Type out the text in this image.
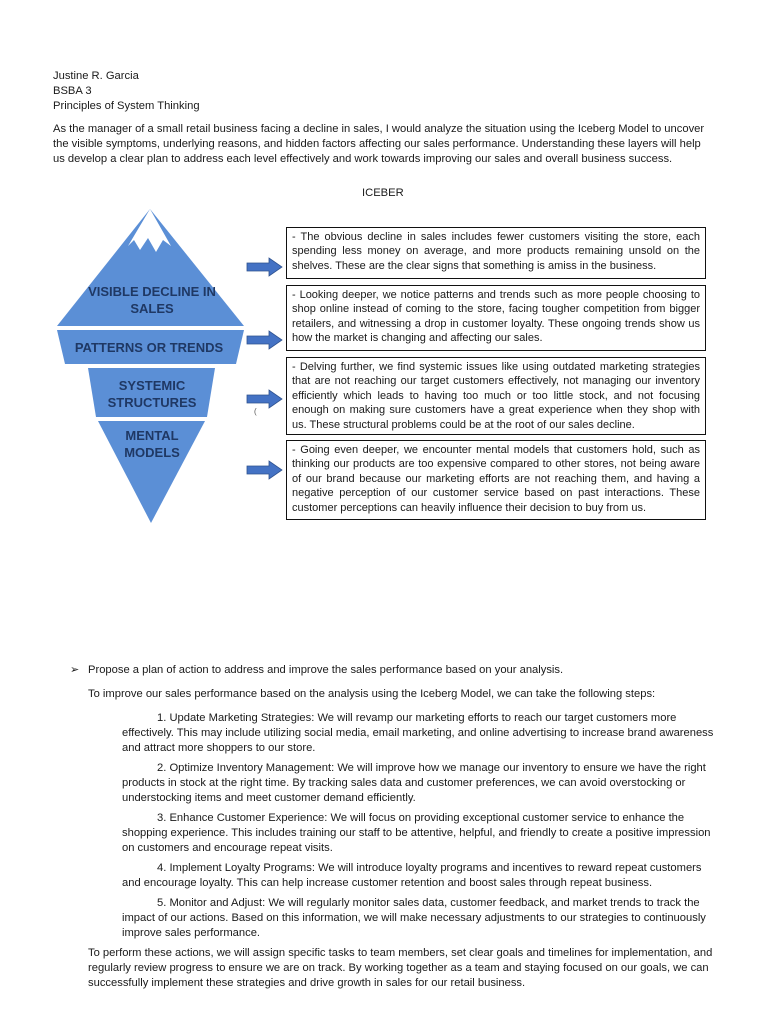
Justine R. Garcia
BSBA 3
Principles of System Thinking
As the manager of a small retail business facing a decline in sales, I would analyze the situation using the Iceberg Model to uncover the visible symptoms, underlying reasons, and hidden factors affecting our sales performance. Understanding these layers will help us develop a clear plan to address each level effectively and work towards improving our sales and overall business success.
ICEBER
VISIBLE DECLINE IN
SALES
PATTERNS OR TRENDS
SYSTEMIC
STRUCTURES
MENTAL
MODELS
(
- The obvious decline in sales includes fewer customers visiting the store, each spending less money on average, and more products remaining unsold on the shelves. These are the clear signs that something is amiss in the business.
- Looking deeper, we notice patterns and trends such as more people choosing to shop online instead of coming to the store, facing tougher competition from bigger retailers, and witnessing a drop in customer loyalty. These ongoing trends show us how the market is changing and affecting our sales.
- Delving further, we find systemic issues like using outdated marketing strategies that are not reaching our target customers effectively, not managing our inventory efficiently which leads to having too much or too little stock, and not focusing enough on making sure customers have a great experience when they shop with us. These structural problems could be at the root of our sales decline.
- Going even deeper, we encounter mental models that customers hold, such as thinking our products are too expensive compared to other stores, not being aware of our brand because our marketing efforts are not reaching them, and having a negative perception of our customer service based on past interactions. These customer perceptions can heavily influence their decision to buy from us.
➢ Propose a plan of action to address and improve the sales performance based on your analysis.
To improve our sales performance based on the analysis using the Iceberg Model, we can take the following steps:
1. Update Marketing Strategies: We will revamp our marketing efforts to reach our target customers more effectively. This may include utilizing social media, email marketing, and online advertising to increase brand awareness and attract more shoppers to our store.
2. Optimize Inventory Management: We will improve how we manage our inventory to ensure we have the right products in stock at the right time. By tracking sales data and customer preferences, we can avoid overstocking or understocking items and meet customer demand efficiently.
3. Enhance Customer Experience: We will focus on providing exceptional customer service to enhance the shopping experience. This includes training our staff to be attentive, helpful, and friendly to create a positive impression on customers and encourage repeat visits.
4. Implement Loyalty Programs: We will introduce loyalty programs and incentives to reward repeat customers and encourage loyalty. This can help increase customer retention and boost sales through repeat business.
5. Monitor and Adjust: We will regularly monitor sales data, customer feedback, and market trends to track the impact of our actions. Based on this information, we will make necessary adjustments to our strategies to continuously improve sales performance.
To perform these actions, we will assign specific tasks to team members, set clear goals and timelines for implementation, and regularly review progress to ensure we are on track. By working together as a team and staying focused on our goals, we can successfully implement these strategies and drive growth in sales for our retail business.
